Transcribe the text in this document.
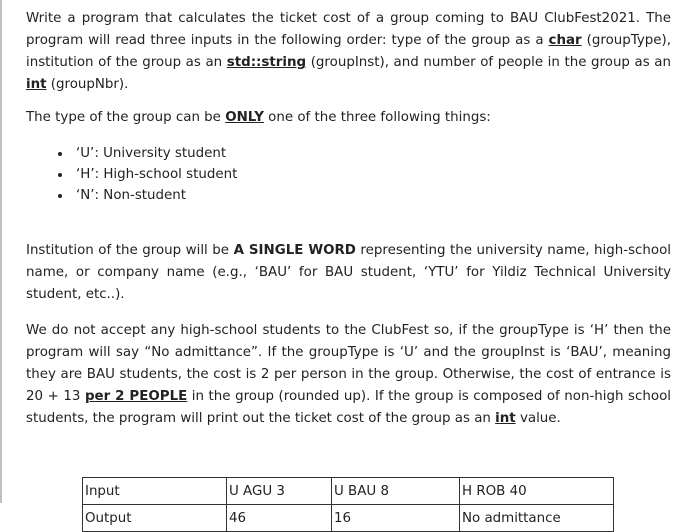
Write a program that calculates the ticket cost of a group coming to BAU ClubFest2021. The program will read three inputs in the following order: type of the group as a char (groupType), institution of the group as an std::string (groupInst), and number of people in the group as an int (groupNbr).

The type of the group can be ONLY one of the three following things:

• ‘U’: University student
• ‘H’: High-school student
• ‘N’: Non-student

Institution of the group will be A SINGLE WORD representing the university name, high-school name, or company name (e.g., ‘BAU’ for BAU student, ‘YTU’ for Yildiz Technical University student, etc..).

We do not accept any high-school students to the ClubFest so, if the groupType is ‘H’ then the program will say “No admittance”. If the groupType is ‘U’ and the groupInst is ‘BAU’, meaning they are BAU students, the cost is 2 per person in the group. Otherwise, the cost of entrance is 20 + 13 per 2 PEOPLE in the group (rounded up). If the group is composed of non-high school students, the program will print out the ticket cost of the group as an int value.

Input	U AGU 3	U BAU 8	H ROB 40
Output	46	16	No admittance
